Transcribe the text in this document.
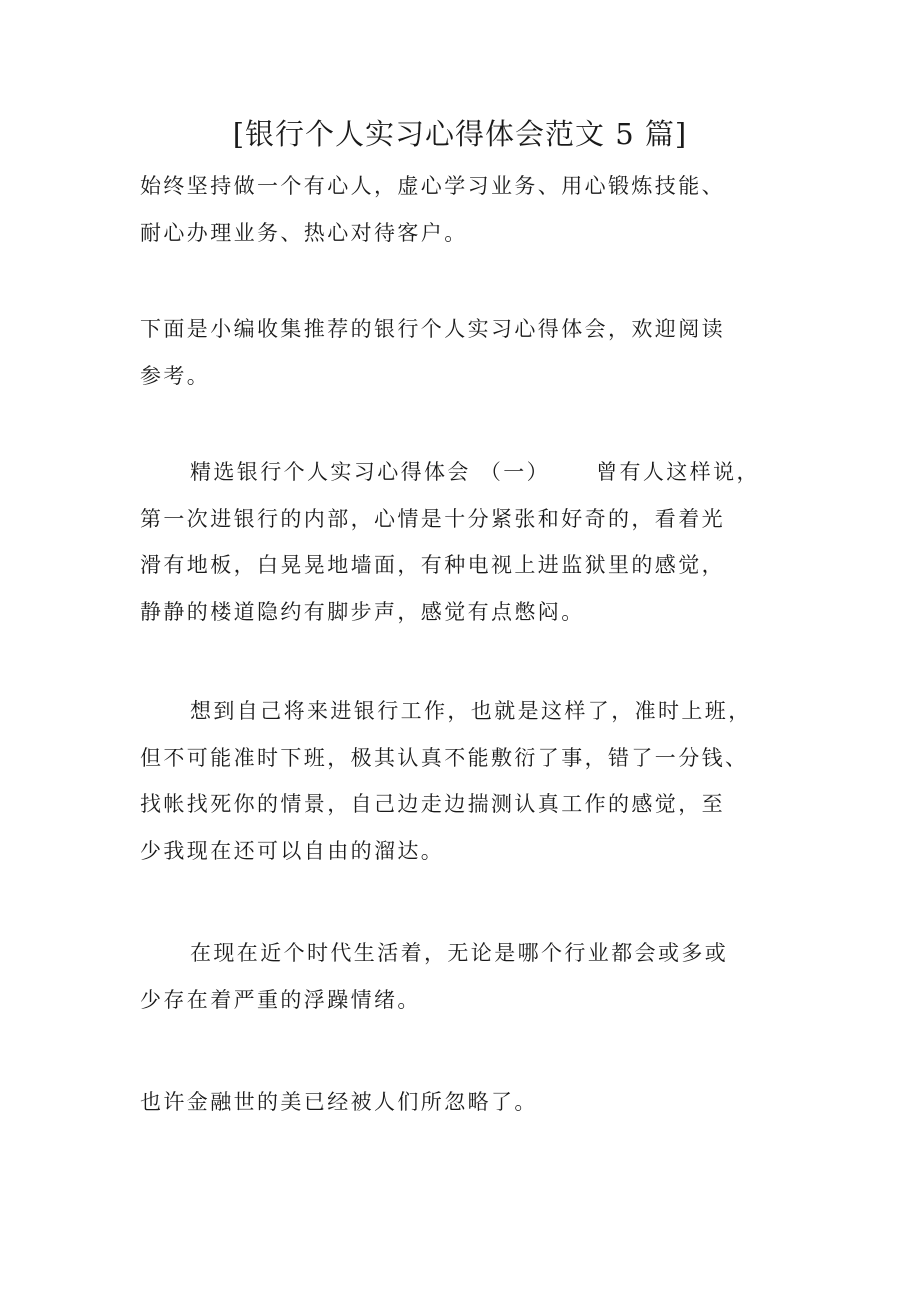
[银行个人实习心得体会范文 5 篇]
始终坚持做一个有心人，虚心学习业务、用心锻炼技能、
耐心办理业务、热心对待客户。
下面是小编收集推荐的银行个人实习心得体会，欢迎阅读
参考。
精选银行个人实习心得体会 （一） 曾有人这样说，
第一次进银行的内部，心情是十分紧张和好奇的，看着光
滑有地板，白晃晃地墙面，有种电视上进监狱里的感觉，
静静的楼道隐约有脚步声，感觉有点憋闷。
想到自己将来进银行工作，也就是这样了，准时上班，
但不可能准时下班，极其认真不能敷衍了事，错了一分钱、
找帐找死你的情景，自己边走边揣测认真工作的感觉，至
少我现在还可以自由的溜达。
在现在近个时代生活着，无论是哪个行业都会或多或
少存在着严重的浮躁情绪。
也许金融世的美已经被人们所忽略了。
